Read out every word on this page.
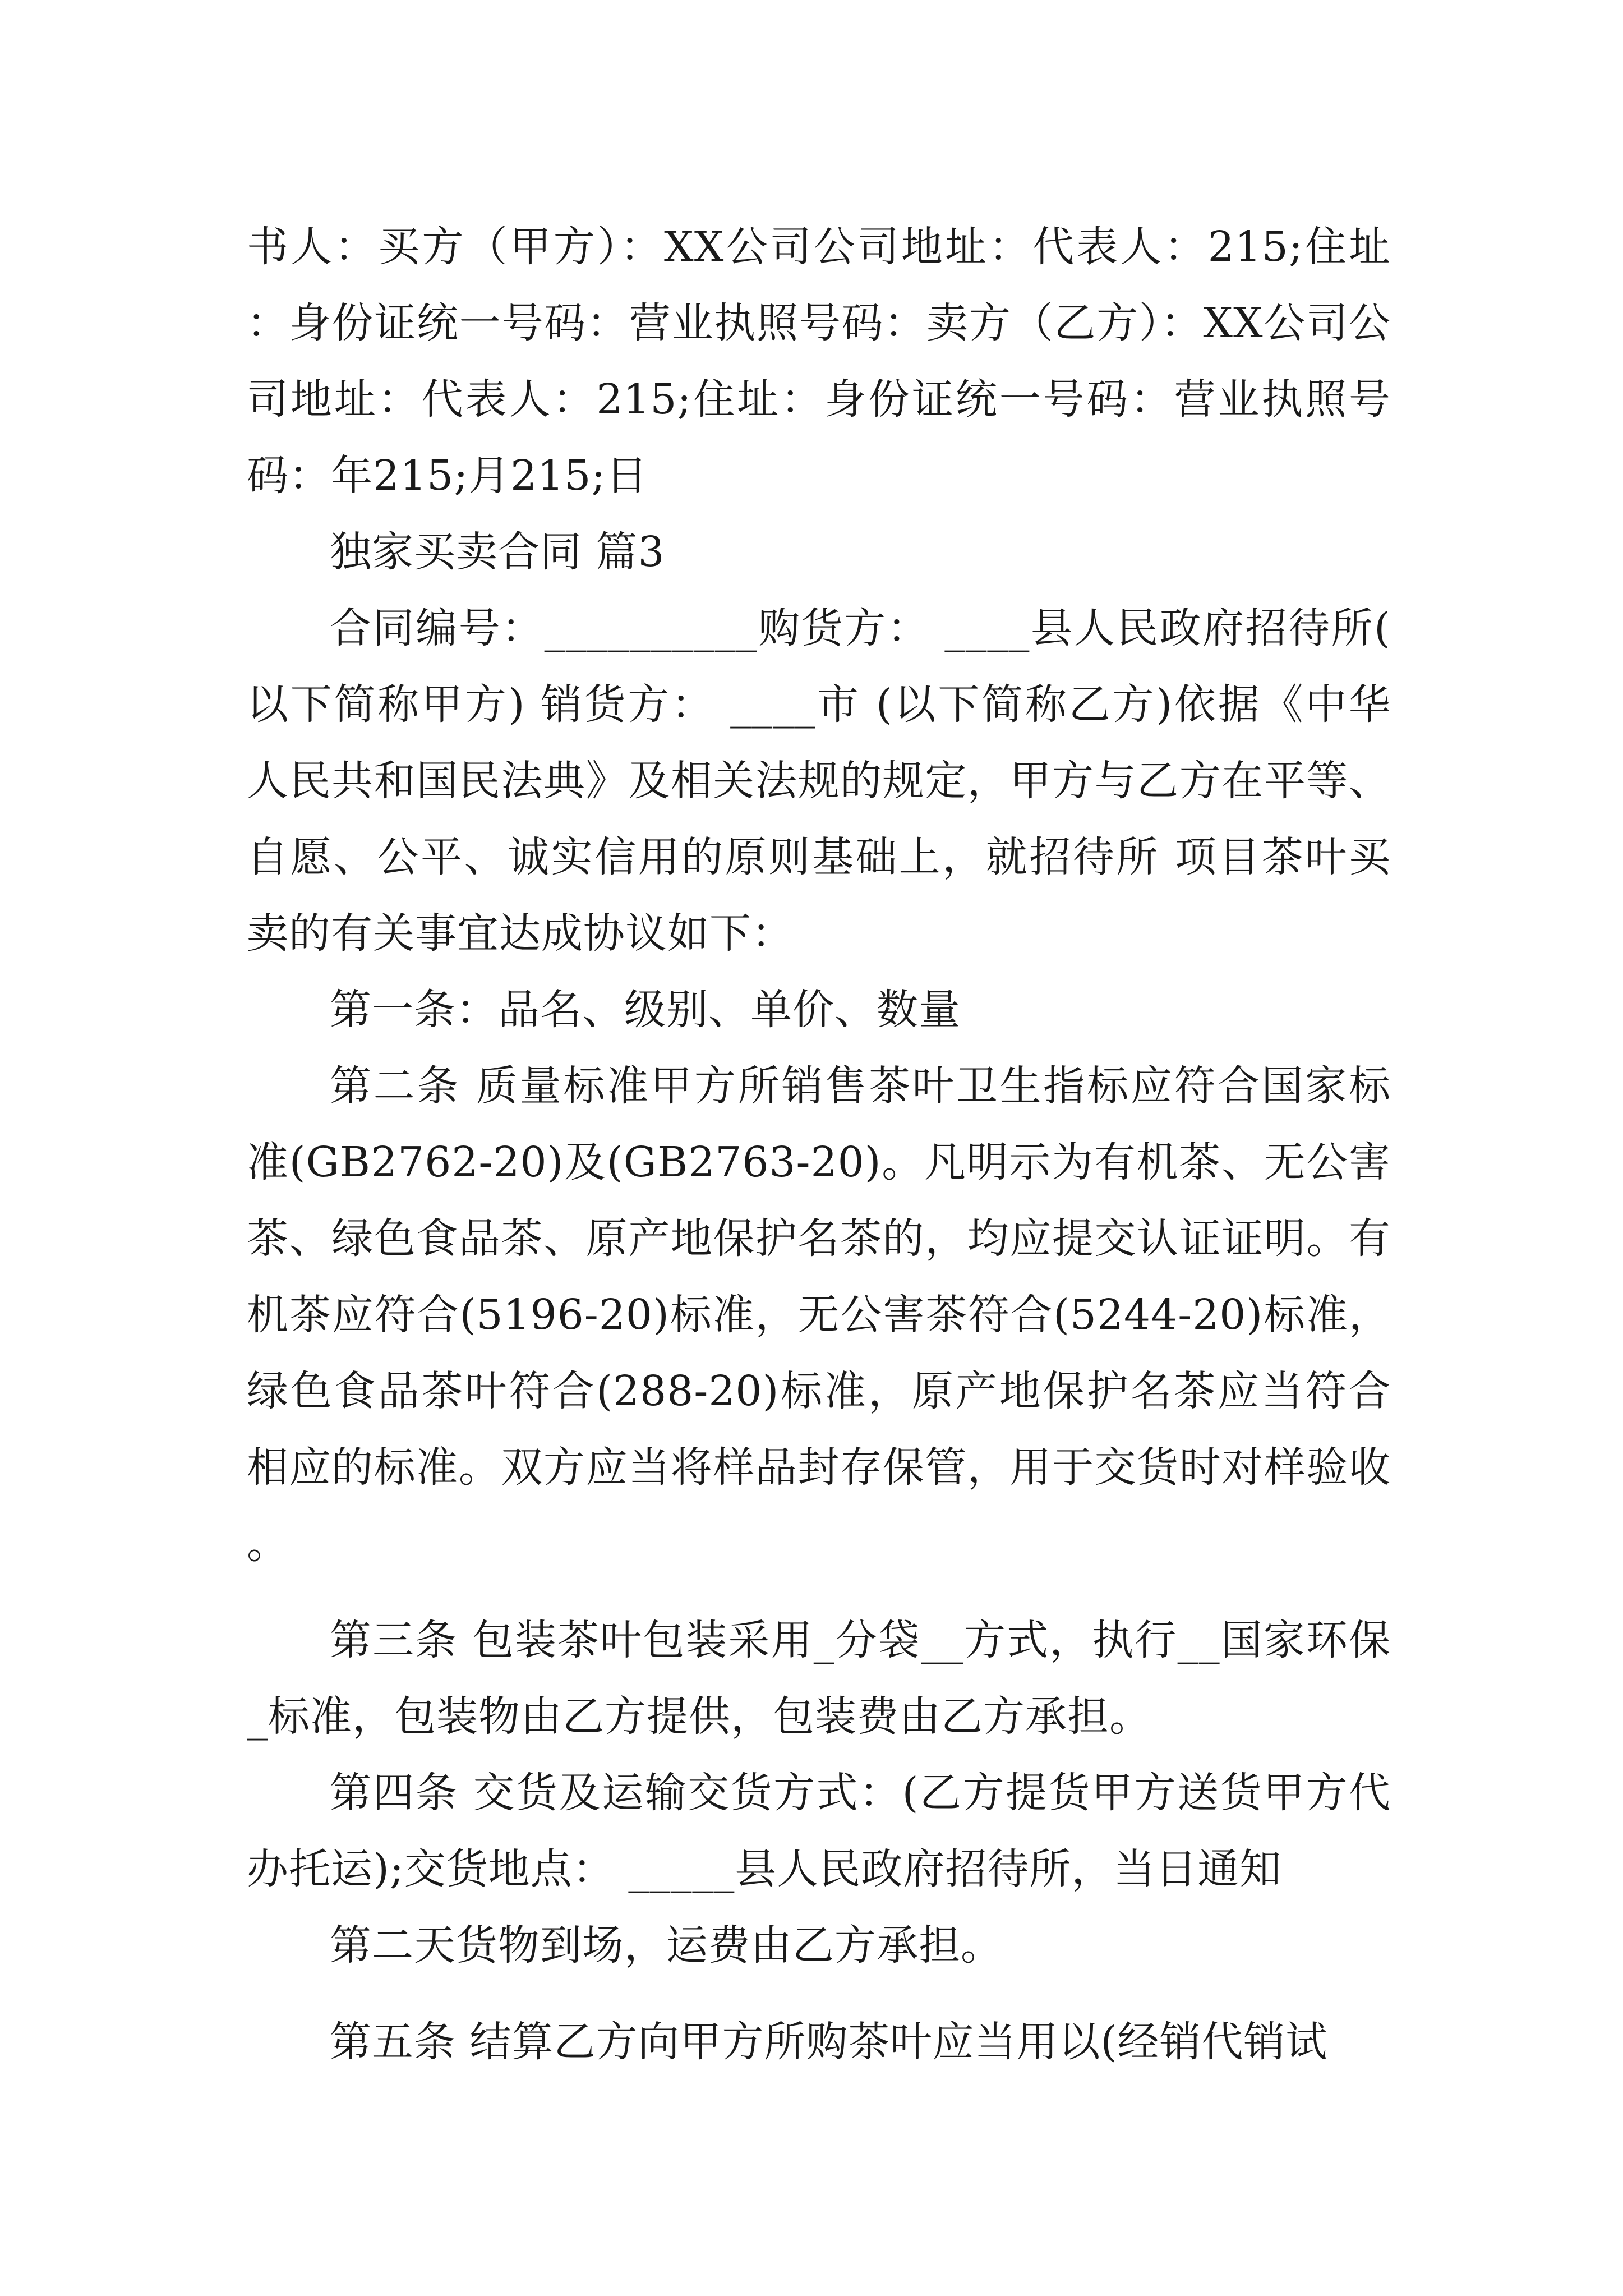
书人：买方（甲方）：XX公司公司地址：代表人：215;住址：身份证统一号码：营业执照号码：卖方（乙方）：XX公司公司地址：代表人：215;住址：身份证统一号码：营业执照号码：年215;月215;日

独家买卖合同 篇3

合同编号：__________购货方： ____县人民政府招待所(以下简称甲方) 销货方： ____市 (以下简称乙方)依据《中华人民共和国民法典》及相关法规的规定，甲方与乙方在平等、自愿、公平、诚实信用的原则基础上，就招待所 项目茶叶买卖的有关事宜达成协议如下：

第一条：品名、级别、单价、数量

第二条 质量标准甲方所销售茶叶卫生指标应符合国家标准(GB2762-20)及(GB2763-20)。凡明示为有机茶、无公害茶、绿色食品茶、原产地保护名茶的，均应提交认证证明。有机茶应符合(5196-20)标准，无公害茶符合(5244-20)标准，绿色食品茶叶符合(288-20)标准，原产地保护名茶应当符合相应的标准。双方应当将样品封存保管，用于交货时对样验收。

第三条 包装茶叶包装采用_分袋__方式，执行__国家环保_标准，包装物由乙方提供，包装费由乙方承担。

第四条 交货及运输交货方式：(乙方提货甲方送货甲方代办托运);交货地点： _____县人民政府招待所，当日通知

第二天货物到场，运费由乙方承担。

第五条 结算乙方向甲方所购茶叶应当用以(经销代销试
